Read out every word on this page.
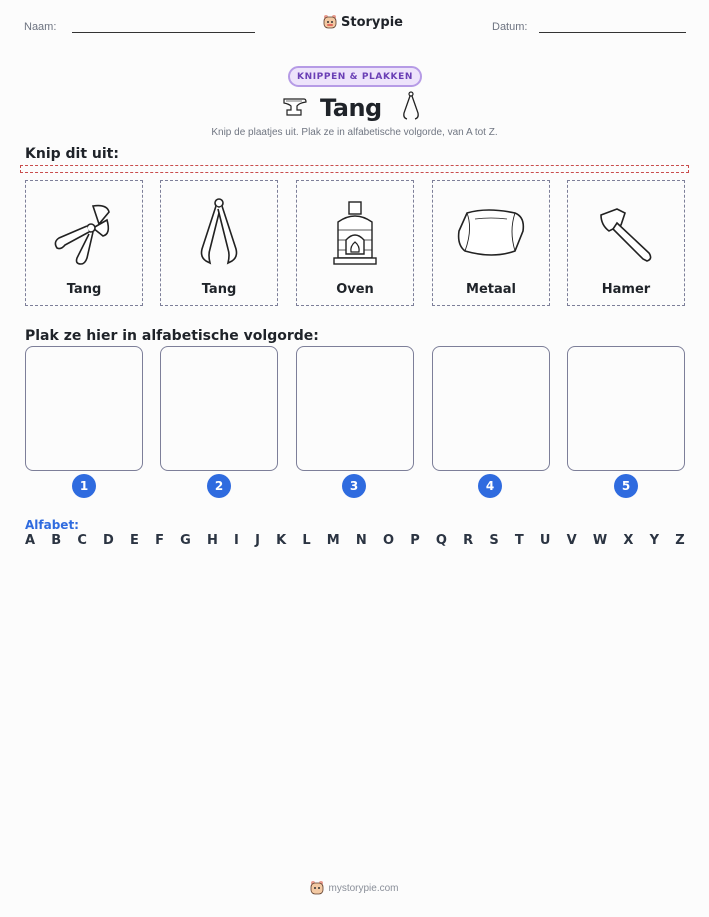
Naam:	Storypie	Datum:
KNIPPEN & PLAKKEN
Tang
Knip de plaatjes uit. Plak ze in alfabetische volgorde, van A tot Z.
Knip dit uit:
Tang	Tang	Oven	Metaal	Hamer
Plak ze hier in alfabetische volgorde:
1	2	3	4	5
Alfabet:
A B C D E F G H I J K L M N O P Q R S T U V W X Y Z
mystorypie.com
